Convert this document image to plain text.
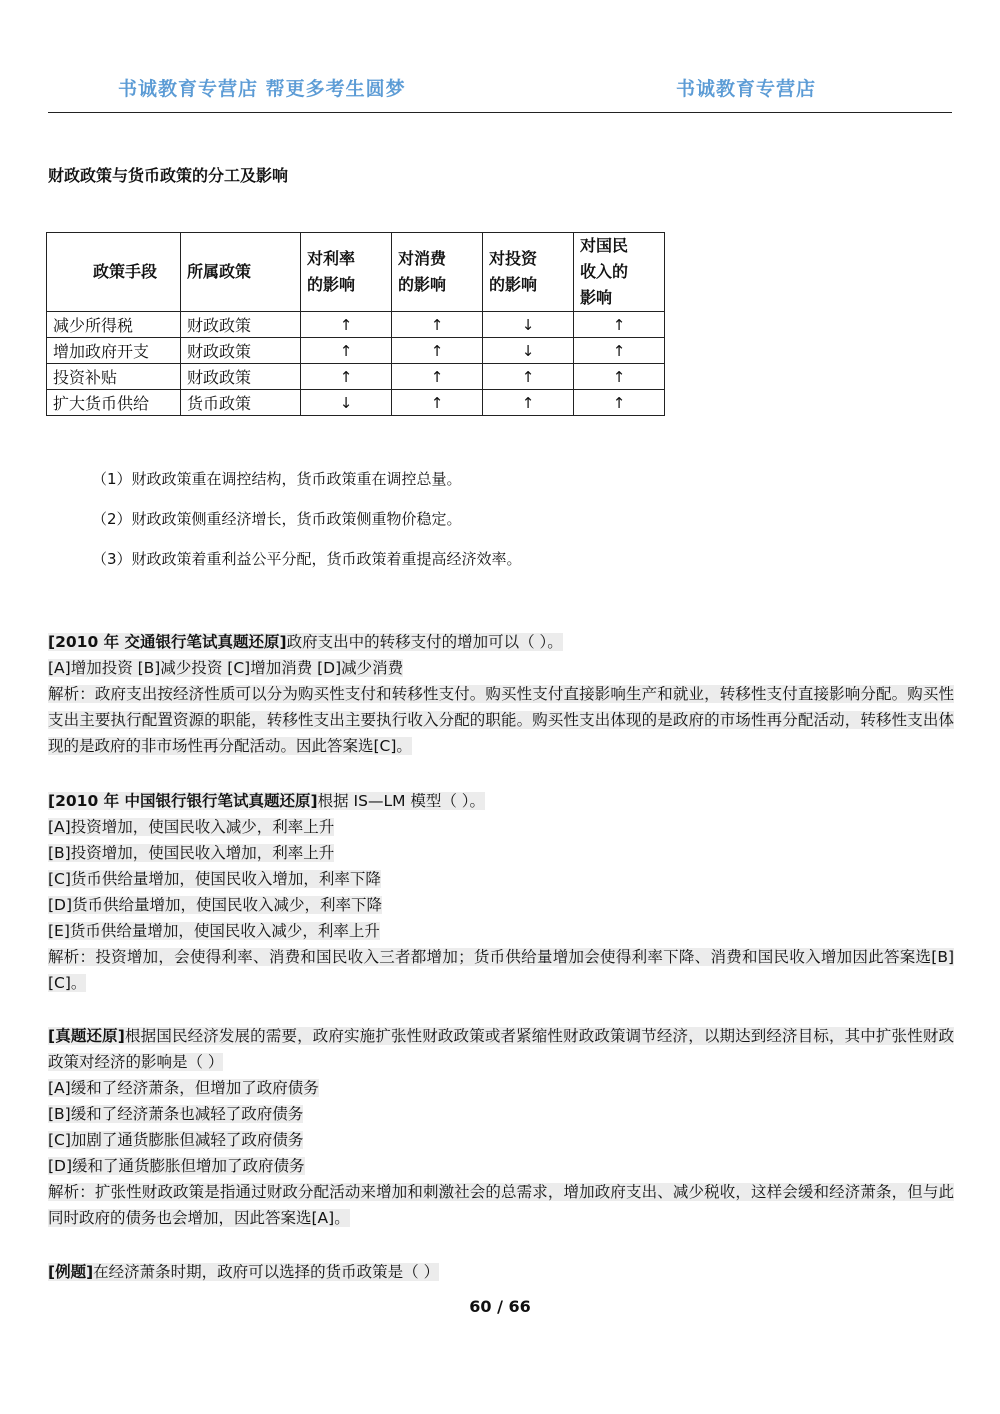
书诚教育专营店 帮更多考生圆梦	书诚教育专营店
财政政策与货币政策的分工及影响
政策手段	所属政策	对利率
的影响	对消费
的影响	对投资
的影响	对国民
收入的
影响

减少所得税	财政政策	↑	↑	↓	↑
增加政府开支	财政政策	↑	↑	↓	↑
投资补贴	财政政策	↑	↑	↑	↑
扩大货币供给	货币政策	↓	↑	↑	↑

（1）财政政策重在调控结构，货币政策重在调控总量。

（2）财政政策侧重经济增长，货币政策侧重物价稳定。

（3）财政政策着重利益公平分配，货币政策着重提高经济效率。

[2010 年 交通银行笔试真题还原]政府支出中的转移支付的增加可以（ ）。
[A]增加投资 [B]减少投资 [C]增加消费 [D]减少消费
解析：政府支出按经济性质可以分为购买性支付和转移性支付。购买性支付直接影响生产和就业，转移性支付直接影响分配。购买性支出主要执行配置资源的职能，转移性支出主要执行收入分配的职能。购买性支出体现的是政府的市场性再分配活动，转移性支出体现的是政府的非市场性再分配活动。因此答案选[C]。
[2010 年 中国银行银行笔试真题还原]根据 IS—LM 模型（ ）。
[A]投资增加，使国民收入减少，利率上升
[B]投资增加，使国民收入增加，利率上升
[C]货币供给量增加，使国民收入增加，利率下降
[D]货币供给量增加，使国民收入减少，利率下降
[E]货币供给量增加，使国民收入减少，利率上升
解析：投资增加，会使得利率、消费和国民收入三者都增加；货币供给量增加会使得利率下降、消费和国民收入增加因此答案选[B][C]。
[真题还原]根据国民经济发展的需要，政府实施扩张性财政政策或者紧缩性财政政策调节经济，以期达到经济目标，其中扩张性财政政策对经济的影响是（ ）
[A]缓和了经济萧条，但增加了政府债务
[B]缓和了经济萧条也减轻了政府债务
[C]加剧了通货膨胀但减轻了政府债务
[D]缓和了通货膨胀但增加了政府债务
解析：扩张性财政政策是指通过财政分配活动来增加和刺激社会的总需求，增加政府支出、减少税收，这样会缓和经济萧条，但与此同时政府的债务也会增加，因此答案选[A]。
[例题]在经济萧条时期，政府可以选择的货币政策是（ ）
60 / 66
